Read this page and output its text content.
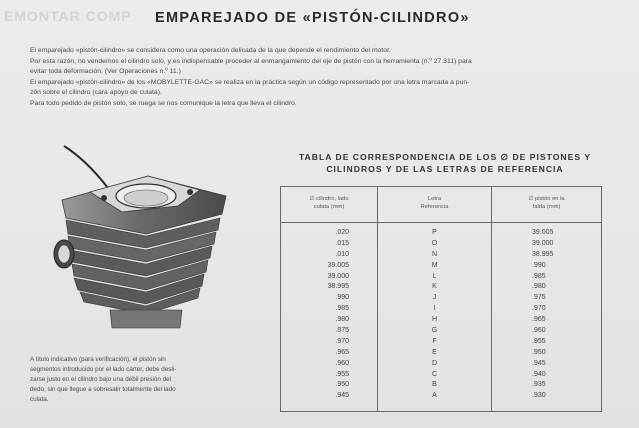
EMONTAR COMP EMPAREJADO DE «PISTÓN-CILINDRO»

El emparejado «pistón-cilindro» se considera como una operación delicada de la que depende el rendimiento del motor.

Por esta razón, no vendemos el cilindro solo, y es indispensable proceder al enmangamiento del eje de pistón con la herramienta (n.º 27.311) para

evitar toda deformación. (Ver Operaciones n.º 11.)

El emparejado «pistón-cilindro» de los «MOBYLETTE-GAC» se realiza en la práctica según un código representado por una letra marcada a pun-

zón sobre el cilindro (cara apoyo de culata).

Para todo pedido de pistón solo, se ruega se nos comunique la letra que lleva el cilindro.

TABLA DE CORRESPONDENCIA DE LOS ∅ DE PISTONES Y
CILINDROS Y DE LAS LETRAS DE REFERENCIA
∅ cilindro, lado
culata (mm)
.020
.015
.010
39.005
39.000
38.995
.990
.985
.980
.975
.970
.965
.960
.955
.950
.945
Letra
Referencia
P
O
N
M
L
K
J
I
H
G
F
E
D
C
B
A
∅ pistón en la
falda (mm)
39.005
39.000
38.995
.990
.985
.980
.975
.970
.965
.960
.955
.950
.945
.940
.935
.930
A título indicativo (para verificación), el pistón sin
segmentos introducido por el lado cárter, debe desli-
zarse justo en el cilindro bajo una débil presión del
dedo, sin que llegue a sobresalir totalmente del lado
culata.
